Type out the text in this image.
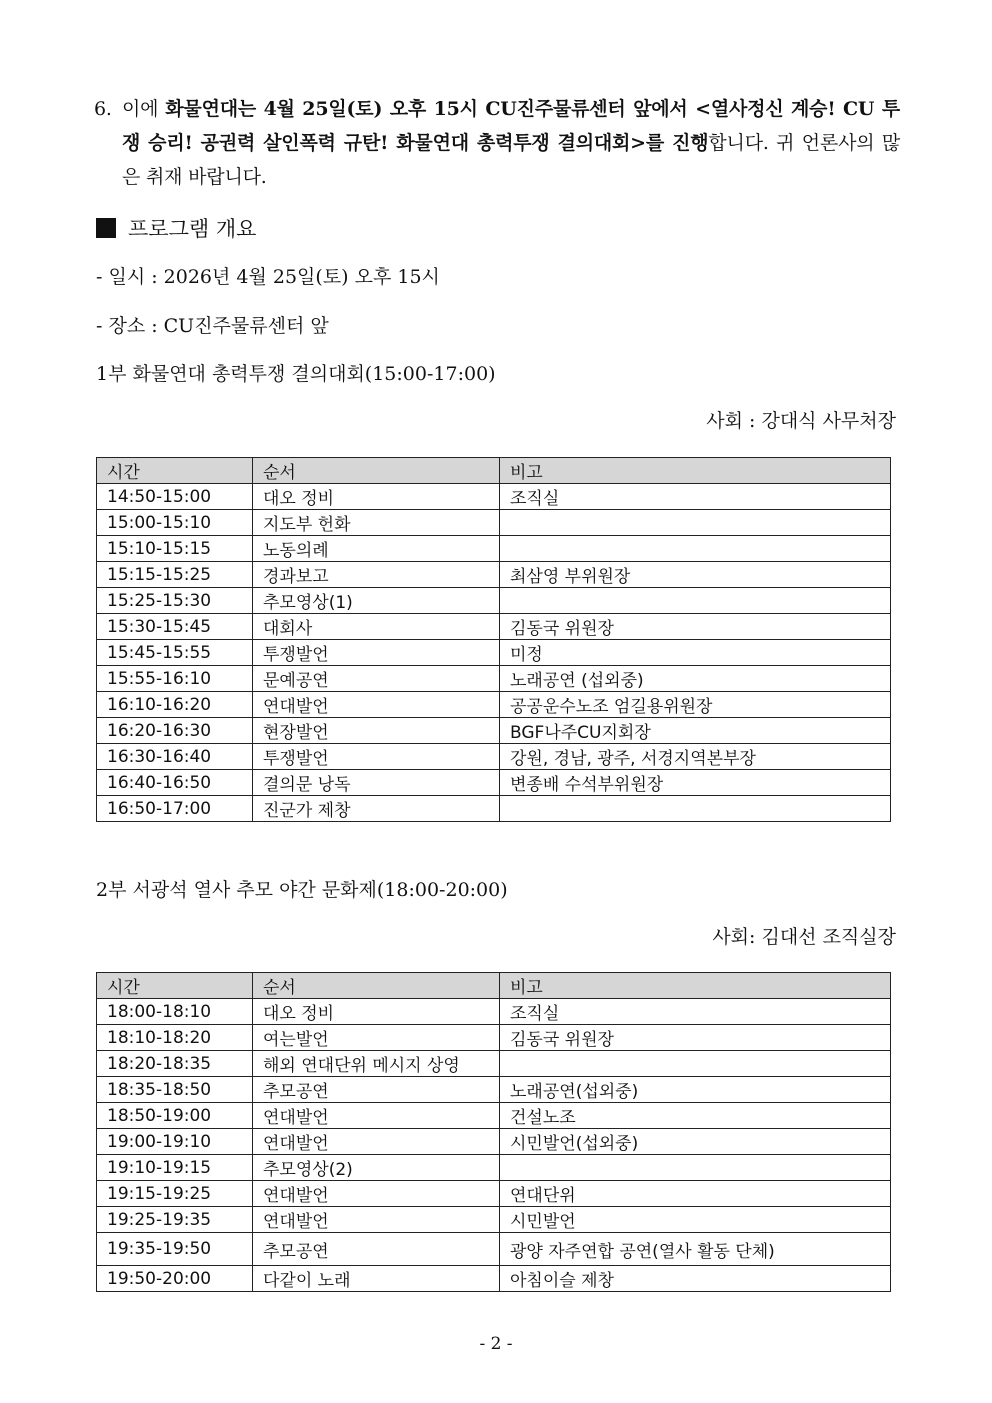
6. 이에 화물연대는 4월 25일(토) 오후 15시 CU진주물류센터 앞에서 <열사정신 계승! CU 투쟁 승리! 공권력 살인폭력 규탄! 화물연대 총력투쟁 결의대회>를 진행합니다. 귀 언론사의 많은 취재 바랍니다.
프로그램 개요
- 일시 : 2026년 4월 25일(토) 오후 15시
- 장소 : CU진주물류센터 앞
1부 화물연대 총력투쟁 결의대회(15:00-17:00)
사회 : 강대식 사무처장
시간	순서	비고
14:50-15:00	대오 정비	조직실
15:00-15:10	지도부 헌화	
15:10-15:15	노동의례	
15:15-15:25	경과보고	최삼영 부위원장
15:25-15:30	추모영상(1)	
15:30-15:45	대회사	김동국 위원장
15:45-15:55	투쟁발언	미정
15:55-16:10	문예공연	노래공연 (섭외중)
16:10-16:20	연대발언	공공운수노조 엄길용위원장
16:20-16:30	현장발언	BGF나주CU지회장
16:30-16:40	투쟁발언	강원, 경남, 광주, 서경지역본부장
16:40-16:50	결의문 낭독	변종배 수석부위원장
16:50-17:00	진군가 제창	
2부 서광석 열사 추모 야간 문화제(18:00-20:00)
사회: 김대선 조직실장
시간	순서	비고
18:00-18:10	대오 정비	조직실
18:10-18:20	여는발언	김동국 위원장
18:20-18:35	해외 연대단위 메시지 상영	
18:35-18:50	추모공연	노래공연(섭외중)
18:50-19:00	연대발언	건설노조
19:00-19:10	연대발언	시민발언(섭외중)
19:10-19:15	추모영상(2)	
19:15-19:25	연대발언	연대단위
19:25-19:35	연대발언	시민발언
19:35-19:50	추모공연	광양 자주연합 공연(열사 활동 단체)
19:50-20:00	다같이 노래	아침이슬 제창
- 2 -
